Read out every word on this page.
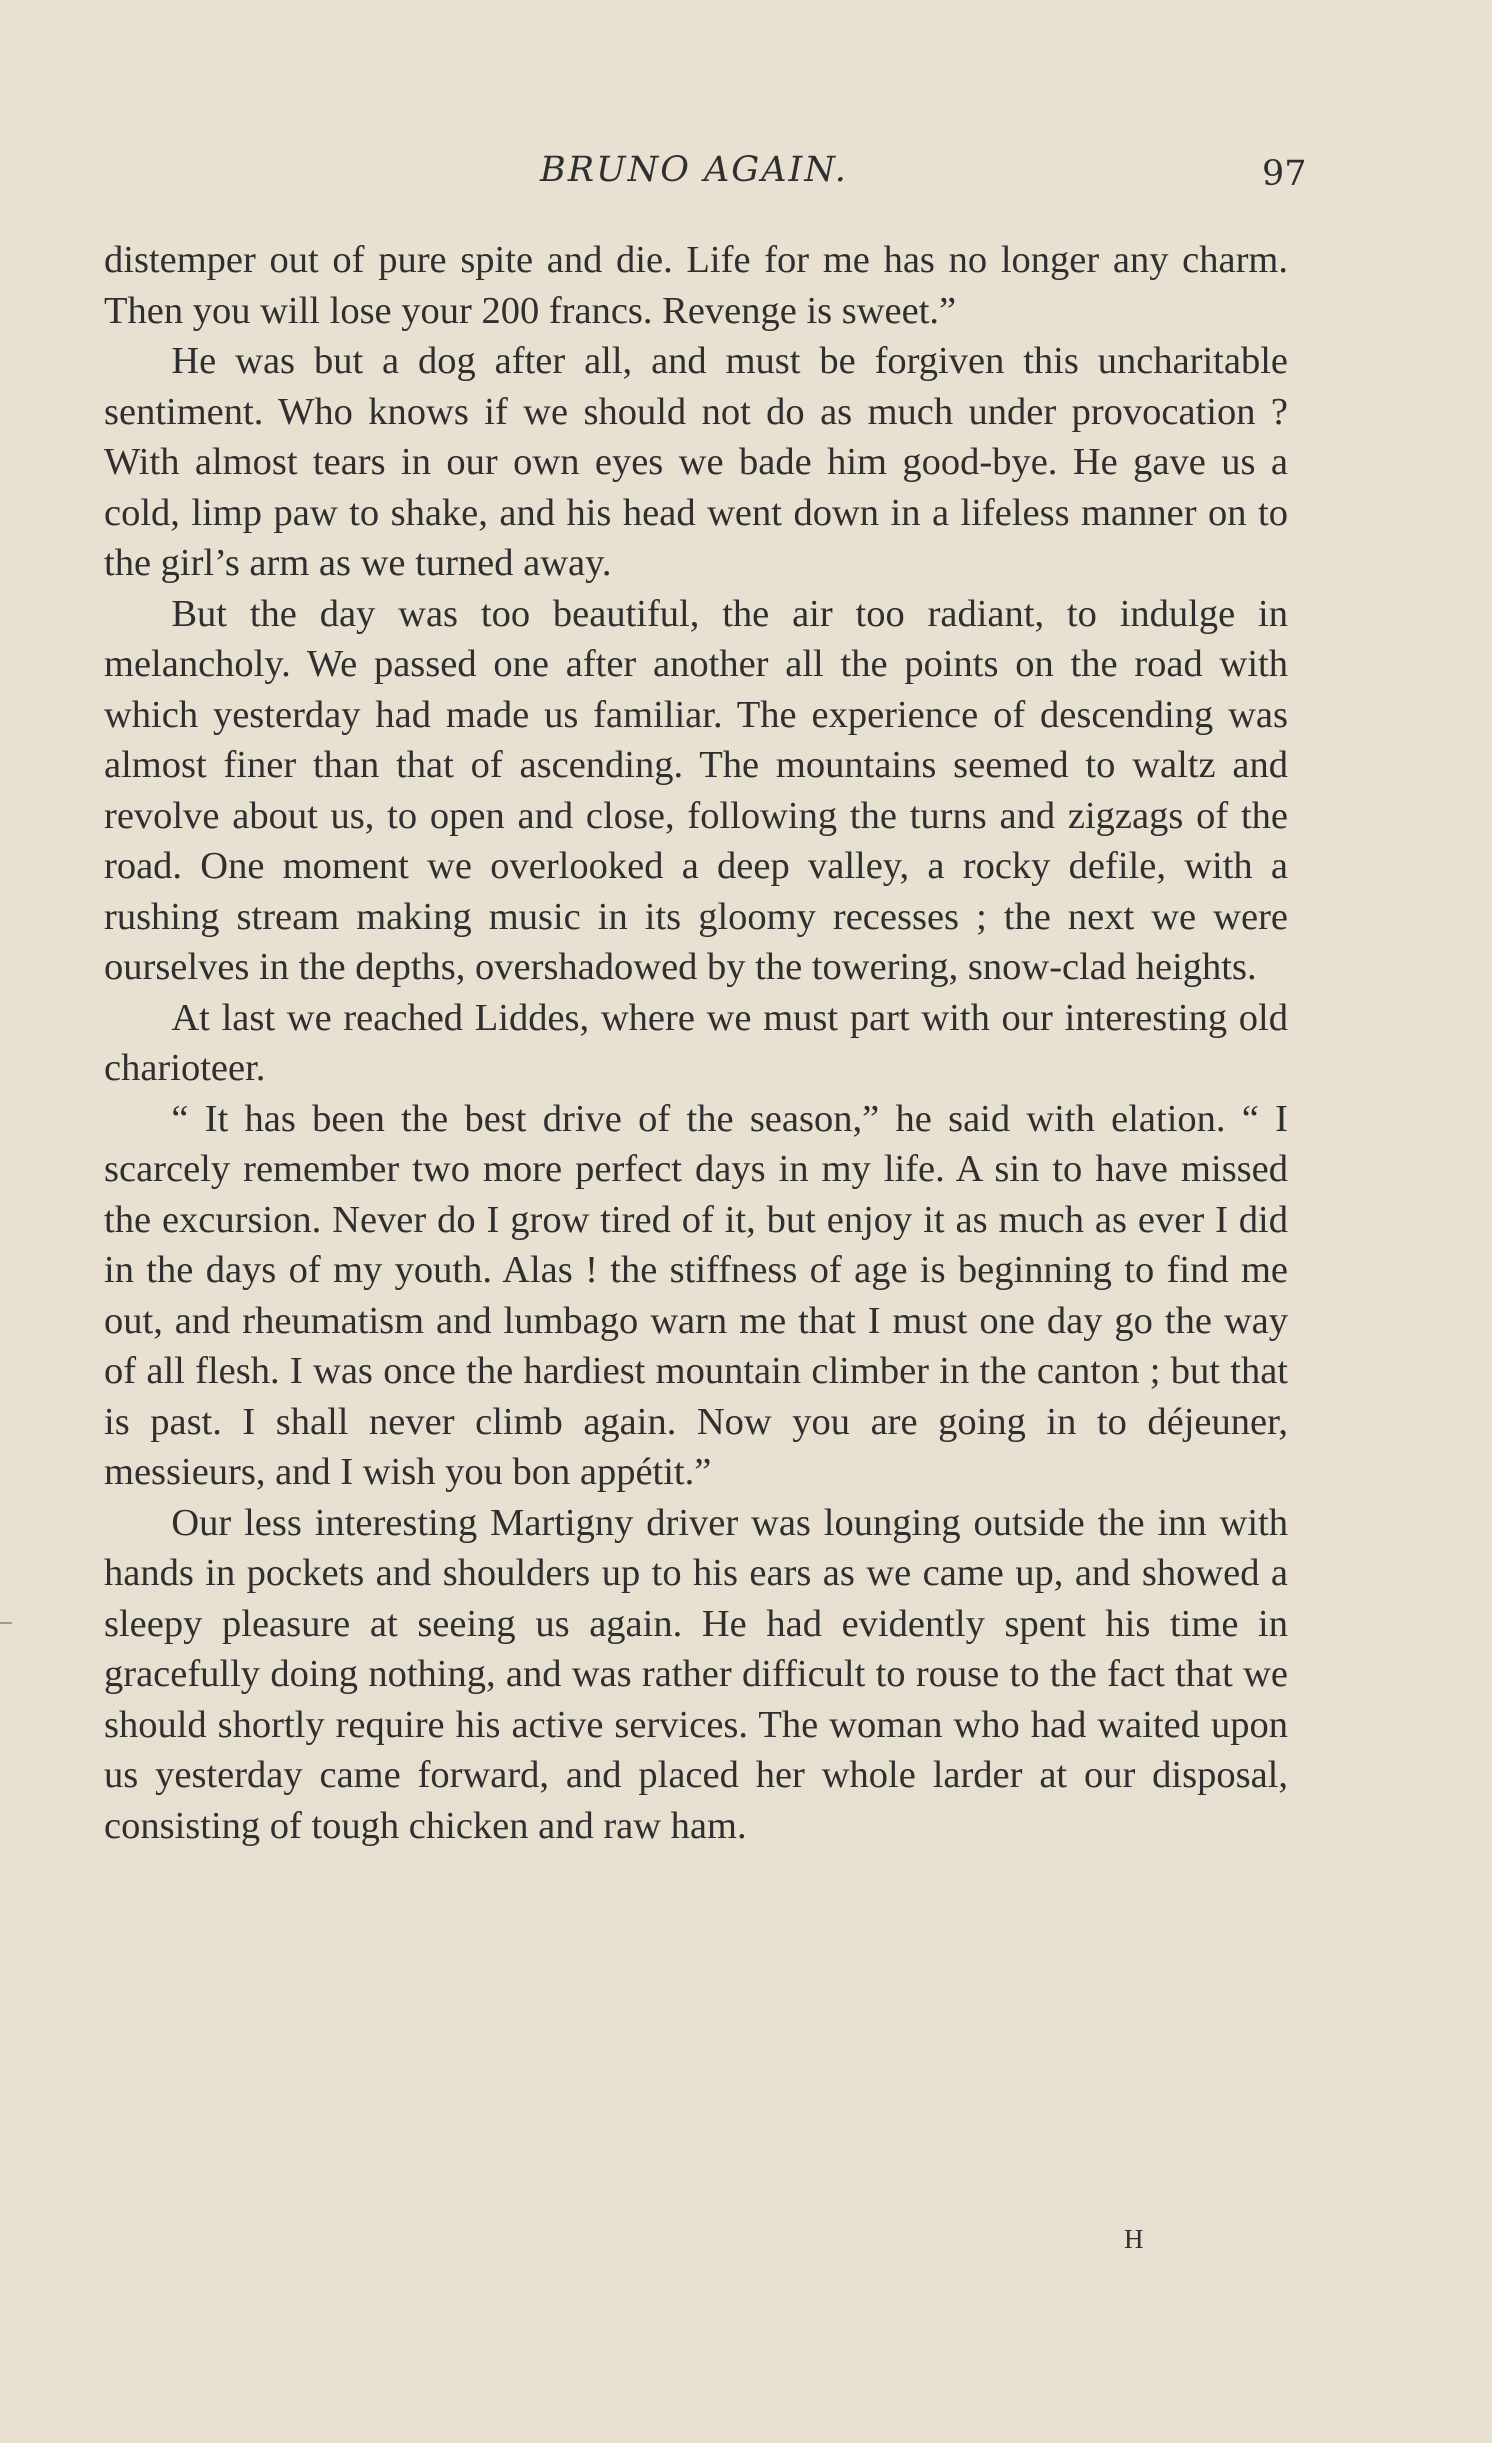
BRUNO AGAIN.	97

distemper out of pure spite and die. Life for me has no longer any charm. Then you will lose your 200 francs. Revenge is sweet.”

He was but a dog after all, and must be forgiven this uncharitable sentiment. Who knows if we should not do as much under provocation ? With almost tears in our own eyes we bade him good-bye. He gave us a cold, limp paw to shake, and his head went down in a lifeless manner on to the girl’s arm as we turned away.

But the day was too beautiful, the air too radiant, to indulge in melancholy. We passed one after another all the points on the road with which yesterday had made us familiar. The experience of descending was almost finer than that of ascending. The mountains seemed to waltz and revolve about us, to open and close, following the turns and zigzags of the road. One moment we overlooked a deep valley, a rocky defile, with a rushing stream making music in its gloomy recesses ; the next we were ourselves in the depths, overshadowed by the towering, snow-clad heights.

At last we reached Liddes, where we must part with our interesting old charioteer.

“ It has been the best drive of the season,” he said with elation. “ I scarcely remember two more perfect days in my life. A sin to have missed the excursion. Never do I grow tired of it, but enjoy it as much as ever I did in the days of my youth. Alas ! the stiffness of age is beginning to find me out, and rheumatism and lumbago warn me that I must one day go the way of all flesh. I was once the hardiest mountain climber in the canton ; but that is past. I shall never climb again. Now you are going in to déjeuner, messieurs, and I wish you bon appétit.”

Our less interesting Martigny driver was lounging outside the inn with hands in pockets and shoulders up to his ears as we came up, and showed a sleepy pleasure at seeing us again. He had evidently spent his time in gracefully doing nothing, and was rather difficult to rouse to the fact that we should shortly require his active services. The woman who had waited upon us yesterday came forward, and placed her whole larder at our disposal, consisting of tough chicken and raw ham.

H
